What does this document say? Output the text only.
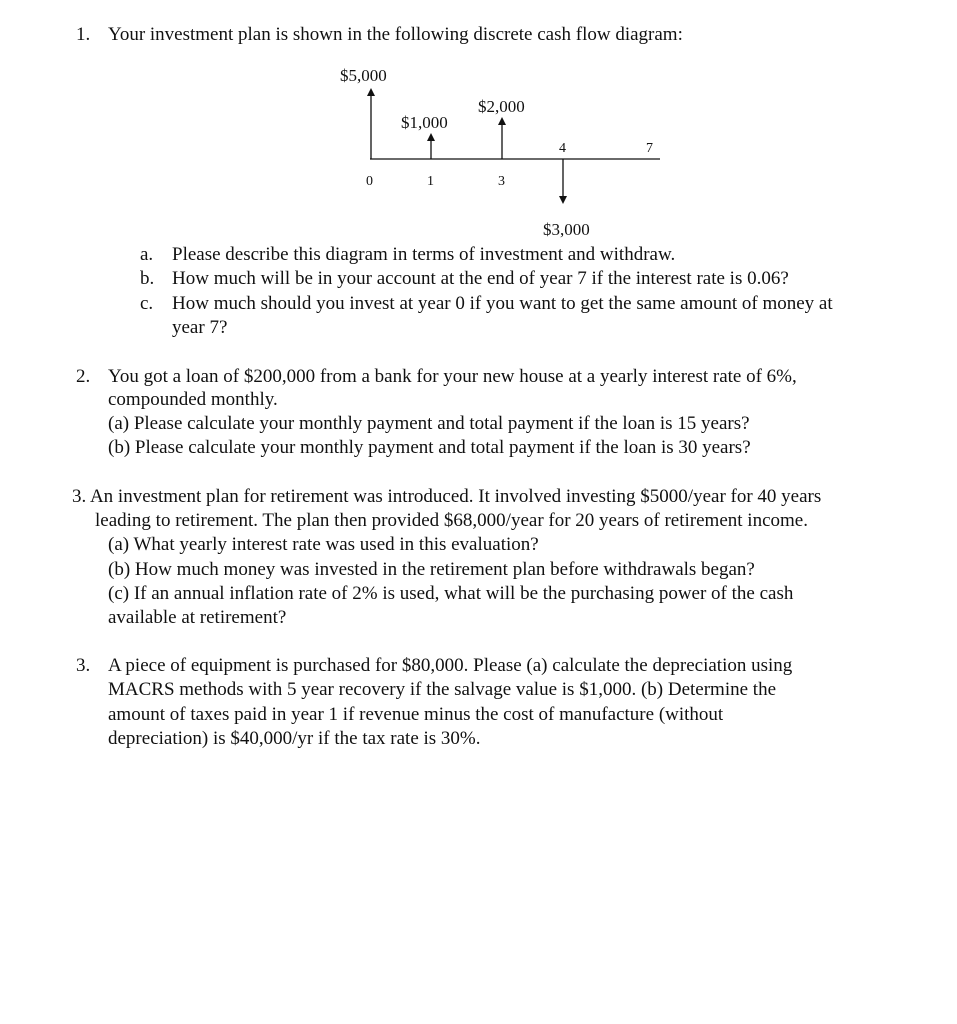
1. Your investment plan is shown in the following discrete cash flow diagram:
$5,000
$1,000
$2,000
$3,000
0	1	3
4	7
a. Please describe this diagram in terms of investment and withdraw.
b. How much will be in your account at the end of year 7 if the interest rate is 0.06?
c. How much should you invest at year 0 if you want to get the same amount of money at
year 7?
2. You got a loan of $200,000 from a bank for your new house at a yearly interest rate of 6%,
compounded monthly.
(a) Please calculate your monthly payment and total payment if the loan is 15 years?
(b) Please calculate your monthly payment and total payment if the loan is 30 years?
3. An investment plan for retirement was introduced. It involved investing $5000/year for 40 years
leading to retirement. The plan then provided $68,000/year for 20 years of retirement income.
(a) What yearly interest rate was used in this evaluation?
(b) How much money was invested in the retirement plan before withdrawals began?
(c) If an annual inflation rate of 2% is used, what will be the purchasing power of the cash
available at retirement?
3. A piece of equipment is purchased for $80,000. Please (a) calculate the depreciation using
MACRS methods with 5 year recovery if the salvage value is $1,000. (b) Determine the
amount of taxes paid in year 1 if revenue minus the cost of manufacture (without
depreciation) is $40,000/yr if the tax rate is 30%.
